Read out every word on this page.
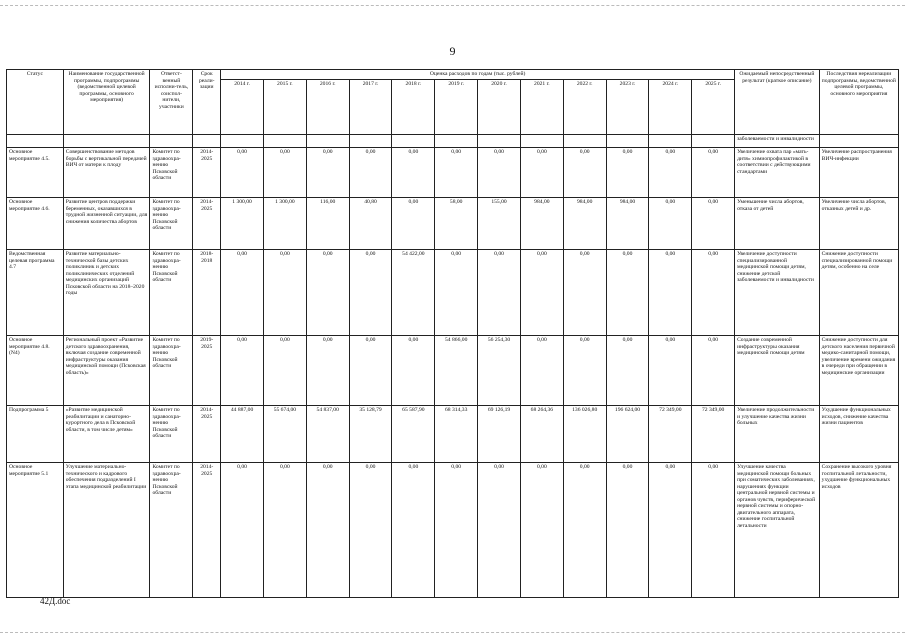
9
Статус	Наименование государственной программы, подпрограммы (ведомственной целевой программы, основного мероприятия)	Ответст-венный исполни-тель, соиспол-нители, участники	Срок реали-зации	Оценка расходов по годам (тыс. рублей)												Ожидаемый непосредственный результат (краткое описание)	Последствия нереализации подпрограммы, ведомственной целевой программы, основного мероприятия
				2014 г.	2015 г.	2016 г.	2017 г.	2018 г.	2019 г.	2020 г.	2021 г.	2022 г.	2023 г.	2024 г.	2025 г.		
																заболеваемости и инвалидности	
Основное мероприятие 4.5.	Совершенствование методов борьбы с вертикальной передачей ВИЧ от матери к плоду	Комитет по здравоохра-нению Псковской области	2014-2025	0,00	0,00	0,00	0,00	0,00	0,00	0,00	0,00	0,00	0,00	0,00	0,00	Увеличение охвата пар «мать-дитя» химиопрофилактикой в соответствии с действующими стандартами	Увеличение распространения ВИЧ-инфекции
Основное мероприятие 4.6.	Развитие центров поддержки беременных, оказавшихся в трудной жизненной ситуации, для снижения количества абортов	Комитет по здравоохра-нению Псковской области	2014-2025	1 300,00	1 300,00	116,00	40,80	0,00	58,00	155,00	984,00	984,00	984,00	0,00	0,00	Уменьшение числа абортов, отказа от детей	Увеличение числа абортов, отказных детей и др.
Ведомственная целевая программа 4.7	Развитие материально-технической базы детских поликлиник и детских поликлинических отделений медицинских организаций Псковской области на 2018–2020 годы	Комитет по здравоохра-нению Псковской области	2018-2018	0,00	0,00	0,00	0,00	54 422,00	0,00	0,00	0,00	0,00	0,00	0,00	0,00	Увеличение доступности специализированной медицинской помощи детям, снижение детской заболеваемости и инвалидности	Снижение доступности специализированной помощи детям, особенно на селе
Основное мероприятие 4.8. (N4)	Региональный проект «Развитие детского здравоохранения, включая создание современной инфраструктуры оказания медицинской помощи (Псковская область)»	Комитет по здравоохра-нению Псковской области	2019-2025	0,00	0,00	0,00	0,00	0,00	54 866,00	56 254,30	0,00	0,00	0,00	0,00	0,00	Создание современной инфраструктуры оказания медицинской помощи детям	Снижение доступности для детского населения первичной медико-санитарной помощи, увеличение времени ожидания в очереди при обращении в медицинские организации
Подпрограмма 5	«Развитие медицинской реабилитации и санаторно-курортного дела в Псковской области, в том числе детям»	Комитет по здравоохра-нению Псковской области	2014-2025	44 887,00	55 674,00	54 837,00	35 128,79	65 587,90	68 314,33	69 126,19	68 264,36	136 026,80	196 624,00	72 349,00	72 349,00	Увеличение продолжительности и улучшение качества жизни больных	Ухудшение функциональных исходов, снижение качества жизни пациентов
Основное мероприятие 5.1	Улучшение материально-технического и кадрового обеспечения подразделений I этапа медицинской реабилитации	Комитет по здравоохра-нению Псковской области	2014-2025	0,00	0,00	0,00	0,00	0,00	0,00	0,00	0,00	0,00	0,00	0,00	0,00	Улучшение качества медицинской помощи больных при соматических заболеваниях, нарушениях функции центральной нервной системы и органов чувств, периферической нервной системы и опорно-двигательного аппарата, снижение госпитальной летальности	Сохранение высокого уровня госпитальной летальности, ухудшение функциональных исходов
42Д.doc
